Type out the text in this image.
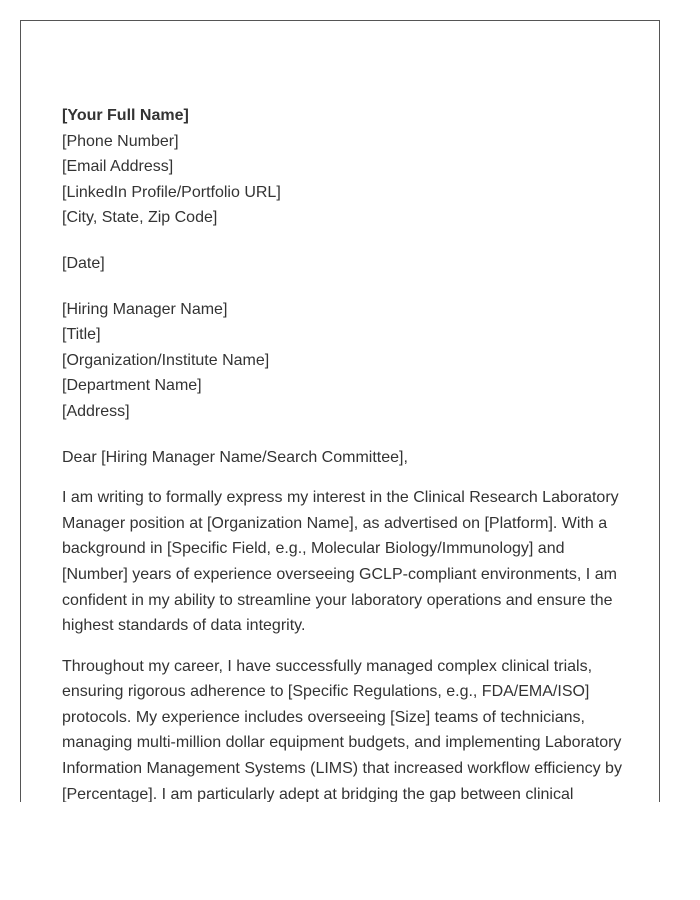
[Your Full Name]
[Phone Number]
[Email Address]
[LinkedIn Profile/Portfolio URL]
[City, State, Zip Code]
[Date]
[Hiring Manager Name]
[Title]
[Organization/Institute Name]
[Department Name]
[Address]
Dear [Hiring Manager Name/Search Committee],

I am writing to formally express my interest in the Clinical Research Laboratory Manager position at [Organization Name], as advertised on [Platform]. With a background in [Specific Field, e.g., Molecular Biology/Immunology] and [Number] years of experience overseeing GCLP-compliant environments, I am confident in my ability to streamline your laboratory operations and ensure the highest standards of data integrity.

Throughout my career, I have successfully managed complex clinical trials, ensuring rigorous adherence to [Specific Regulations, e.g., FDA/EMA/ISO] protocols. My experience includes overseeing [Size] teams of technicians, managing multi-million dollar equipment budgets, and implementing Laboratory Information Management Systems (LIMS) that increased workflow efficiency by [Percentage]. I am particularly adept at bridging the gap between clinical
